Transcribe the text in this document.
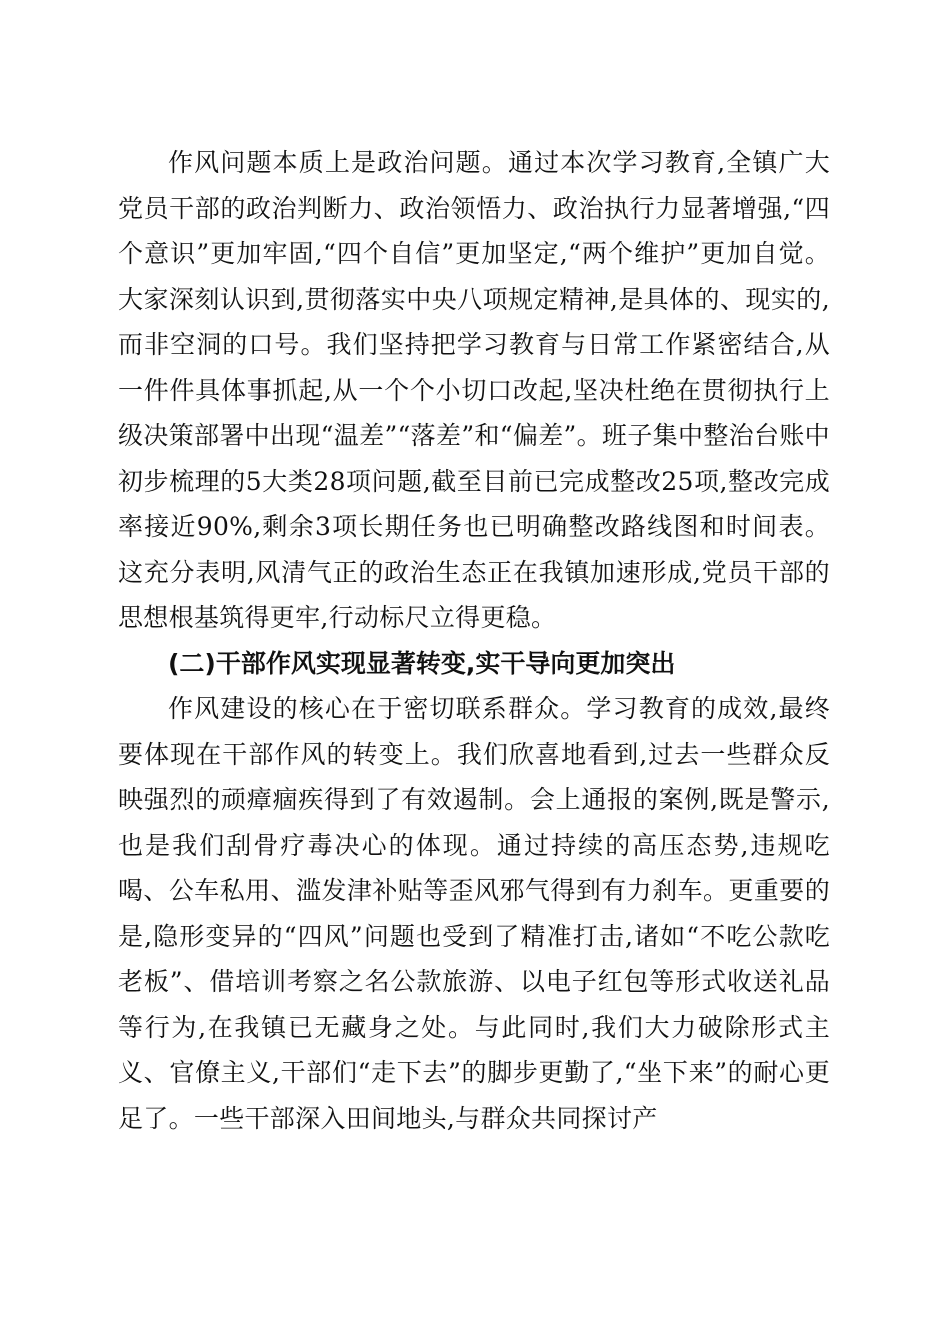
作风问题本质上是政治问题。通过本次学习教育,全镇广大党员干部的政治判断力、政治领悟力、政治执行力显著增强,“四个意识”更加牢固,“四个自信”更加坚定,“两个维护”更加自觉。大家深刻认识到,贯彻落实中央八项规定精神,是具体的、现实的,而非空洞的口号。我们坚持把学习教育与日常工作紧密结合,从一件件具体事抓起,从一个个小切口改起,坚决杜绝在贯彻执行上级决策部署中出现“温差”“落差”和“偏差”。班子集中整治台账中初步梳理的5大类28项问题,截至目前已完成整改25项,整改完成率接近90%,剩余3项长期任务也已明确整改路线图和时间表。这充分表明,风清气正的政治生态正在我镇加速形成,党员干部的思想根基筑得更牢,行动标尺立得更稳。

(二)干部作风实现显著转变,实干导向更加突出

作风建设的核心在于密切联系群众。学习教育的成效,最终要体现在干部作风的转变上。我们欣喜地看到,过去一些群众反映强烈的顽瘴痼疾得到了有效遏制。会上通报的案例,既是警示,也是我们刮骨疗毒决心的体现。通过持续的高压态势,违规吃喝、公车私用、滥发津补贴等歪风邪气得到有力刹车。更重要的是,隐形变异的“四风”问题也受到了精准打击,诸如“不吃公款吃老板”、借培训考察之名公款旅游、以电子红包等形式收送礼品等行为,在我镇已无藏身之处。与此同时,我们大力破除形式主义、官僚主义,干部们“走下去”的脚步更勤了,“坐下来”的耐心更足了。一些干部深入田间地头,与群众共同探讨产
